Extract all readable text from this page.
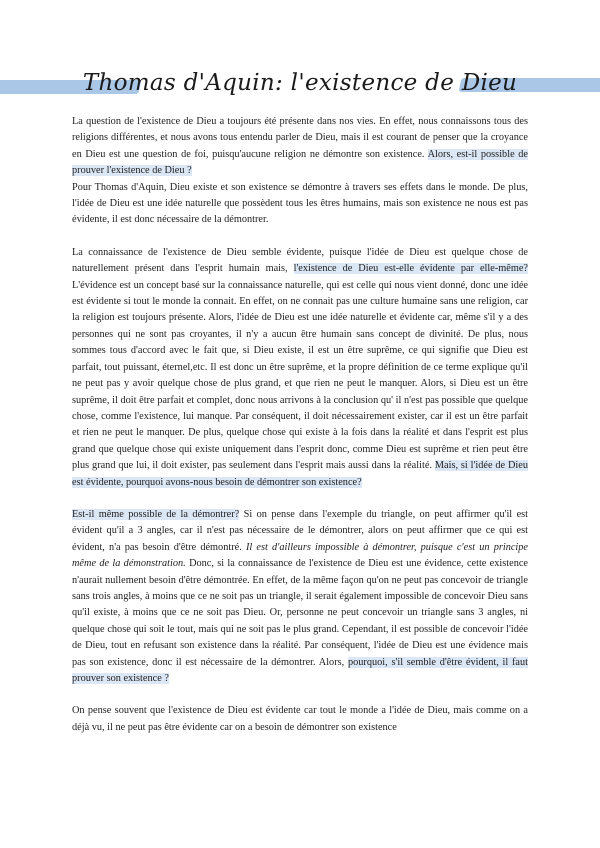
Thomas d'Aquin: l'existence de Dieu

La question de l'existence de Dieu a toujours été présente dans nos vies. En effet, nous connaissons tous des religions différentes, et nous avons tous entendu parler de Dieu, mais il est courant de penser que la croyance en Dieu est une question de foi, puisqu'aucune religion ne démontre son existence. Alors, est-il possible de prouver l'existence de Dieu ?

Pour Thomas d'Aquin, Dieu existe et son existence se démontre à travers ses effets dans le monde. De plus, l'idée de Dieu est une idée naturelle que possèdent tous les êtres humains, mais son existence ne nous est pas évidente, il est donc nécessaire de la démontrer.

La connaissance de l'existence de Dieu semble évidente, puisque l'idée de Dieu est quelque chose de naturellement présent dans l'esprit humain mais, l'existence de Dieu est-elle évidente par elle-même? L'évidence est un concept basé sur la connaissance naturelle, qui est celle qui nous vient donné, donc une idée est évidente si tout le monde la connait. En effet, on ne connait pas une culture humaine sans une religion, car la religion est toujours présente. Alors, l'idée de Dieu est une idée naturelle et évidente car, même s'il y a des personnes qui ne sont pas croyantes, il n'y a aucun être humain sans concept de divinité. De plus, nous sommes tous d'accord avec le fait que, si Dieu existe, il est un être suprême, ce qui signifie que Dieu est parfait, tout puissant, éternel,etc. Il est donc un être suprême, et la propre définition de ce terme explique qu'il ne peut pas y avoir quelque chose de plus grand, et que rien ne peut le manquer. Alors, si Dieu est un être suprême, il doit être parfait et complet, donc nous arrivons à la conclusion qu' il n'est pas possible que quelque chose, comme l'existence, lui manque. Par conséquent, il doit nécessairement exister, car il est un être parfait et rien ne peut le manquer. De plus, quelque chose qui existe à la fois dans la réalité et dans l'esprit est plus grand que quelque chose qui existe uniquement dans l'esprit donc, comme Dieu est suprême et rien peut être plus grand que lui, il doit exister, pas seulement dans l'esprit mais aussi dans la réalité. Mais, si l'idée de Dieu est évidente, pourquoi avons-nous besoin de démontrer son existence?

Est-il même possible de la démontrer? Si on pense dans l'exemple du triangle, on peut affirmer qu'il est évident qu'il a 3 angles, car il n'est pas nécessaire de le démontrer, alors on peut affirmer que ce qui est évident, n'a pas besoin d'être démontré. Il est d'ailleurs impossible à démontrer, puisque c'est un principe même de la démonstration. Donc, si la connaissance de l'existence de Dieu est une évidence, cette existence n'aurait nullement besoin d'être démontrée. En effet, de la même façon qu'on ne peut pas concevoir de triangle sans trois angles, à moins que ce ne soit pas un triangle, il serait également impossible de concevoir Dieu sans qu'il existe, à moins que ce ne soit pas Dieu. Or, personne ne peut concevoir un triangle sans 3 angles, ni quelque chose qui soit le tout, mais qui ne soit pas le plus grand. Cependant, il est possible de concevoir l'idée de Dieu, tout en refusant son existence dans la réalité. Par conséquent, l'idée de Dieu est une évidence mais pas son existence, donc il est nécessaire de la démontrer. Alors, pourquoi, s'il semble d'être évident, il faut prouver son existence ?

On pense souvent que l'existence de Dieu est évidente car tout le monde a l'idée de Dieu, mais comme on a déjà vu, il ne peut pas être évidente car on a besoin de démontrer son existence
